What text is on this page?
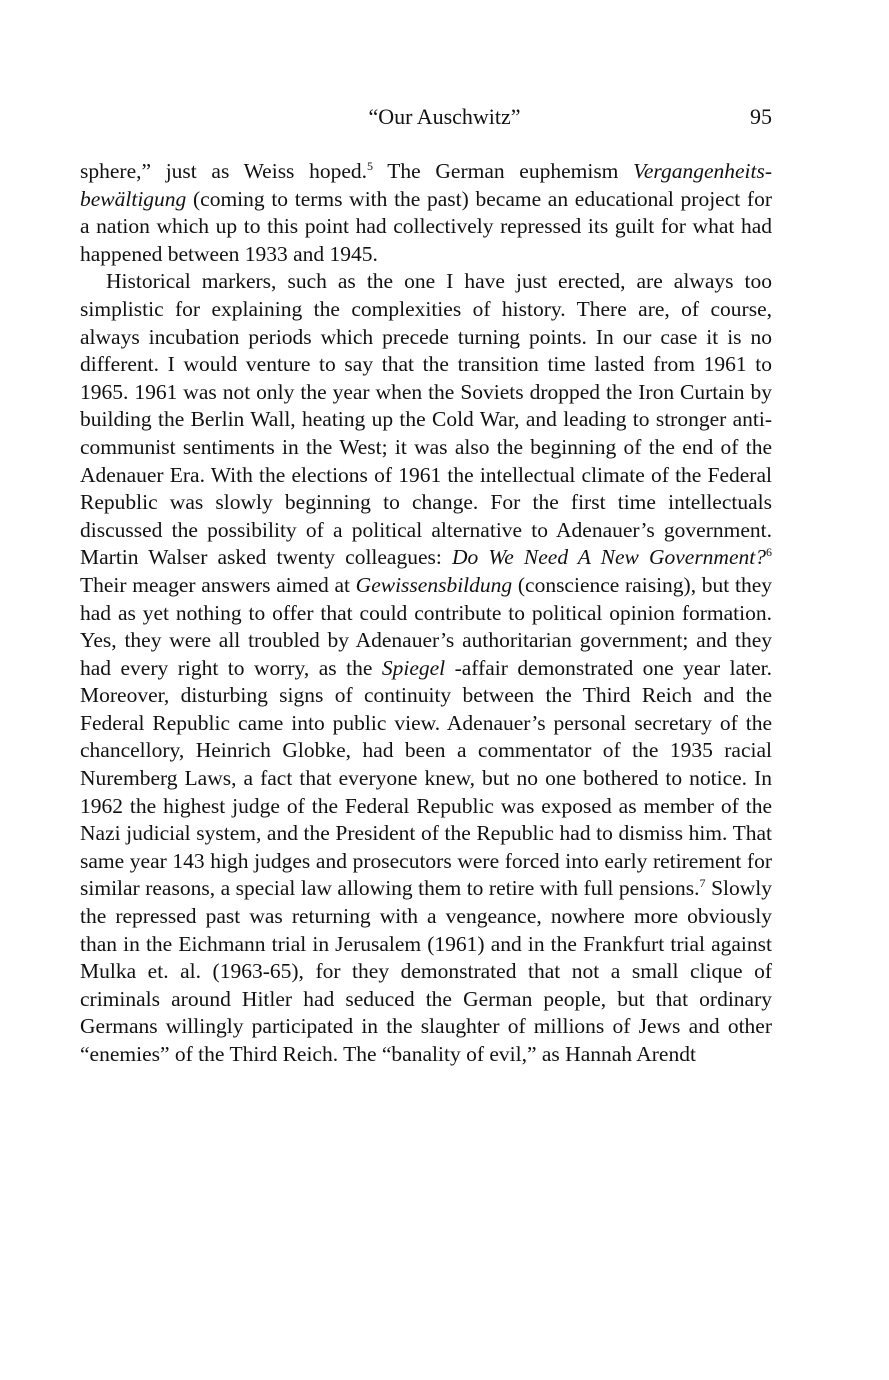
“Our Auschwitz”	95

sphere,” just as Weiss hoped.$^5$ The German euphemism Vergangenheitsbewältigung (coming to terms with the past) became an educational project for a nation which up to this point had collectively repressed its guilt for what had happened between 1933 and 1945.

Historical markers, such as the one I have just erected, are always too simplistic for explaining the complexities of history. There are, of course, always incubation periods which precede turning points. In our case it is no different. I would venture to say that the transition time lasted from 1961 to 1965. 1961 was not only the year when the Soviets dropped the Iron Curtain by building the Berlin Wall, heating up the Cold War, and leading to stronger anti-communist sentiments in the West; it was also the beginning of the end of the Adenauer Era. With the elections of 1961 the intellectual climate of the Federal Republic was slowly beginning to change. For the first time intellectuals discussed the possibility of a political alternative to Adenauer’s government. Martin Walser asked twenty colleagues: Do We Need A New Government?$^6$ Their meager answers aimed at Gewissensbildung (conscience raising), but they had as yet nothing to offer that could contribute to political opinion formation. Yes, they were all troubled by Adenauer’s authoritarian government; and they had every right to worry, as the Spiegel -affair demonstrated one year later. Moreover, disturbing signs of continuity between the Third Reich and the Federal Republic came into public view. Adenauer’s personal secretary of the chancellory, Heinrich Globke, had been a commentator of the 1935 racial Nuremberg Laws, a fact that everyone knew, but no one bothered to notice. In 1962 the highest judge of the Federal Republic was exposed as member of the Nazi judicial system, and the President of the Republic had to dismiss him. That same year 143 high judges and prosecutors were forced into early retirement for similar reasons, a special law allowing them to retire with full pensions.$^7$ Slowly the repressed past was returning with a vengeance, nowhere more obviously than in the Eichmann trial in Jerusalem (1961) and in the Frankfurt trial against Mulka et. al. (1963-65), for they demonstrated that not a small clique of criminals around Hitler had seduced the German people, but that ordinary Germans willingly participated in the slaughter of millions of Jews and other “enemies” of the Third Reich. The “banality of evil,” as Hannah Arendt
